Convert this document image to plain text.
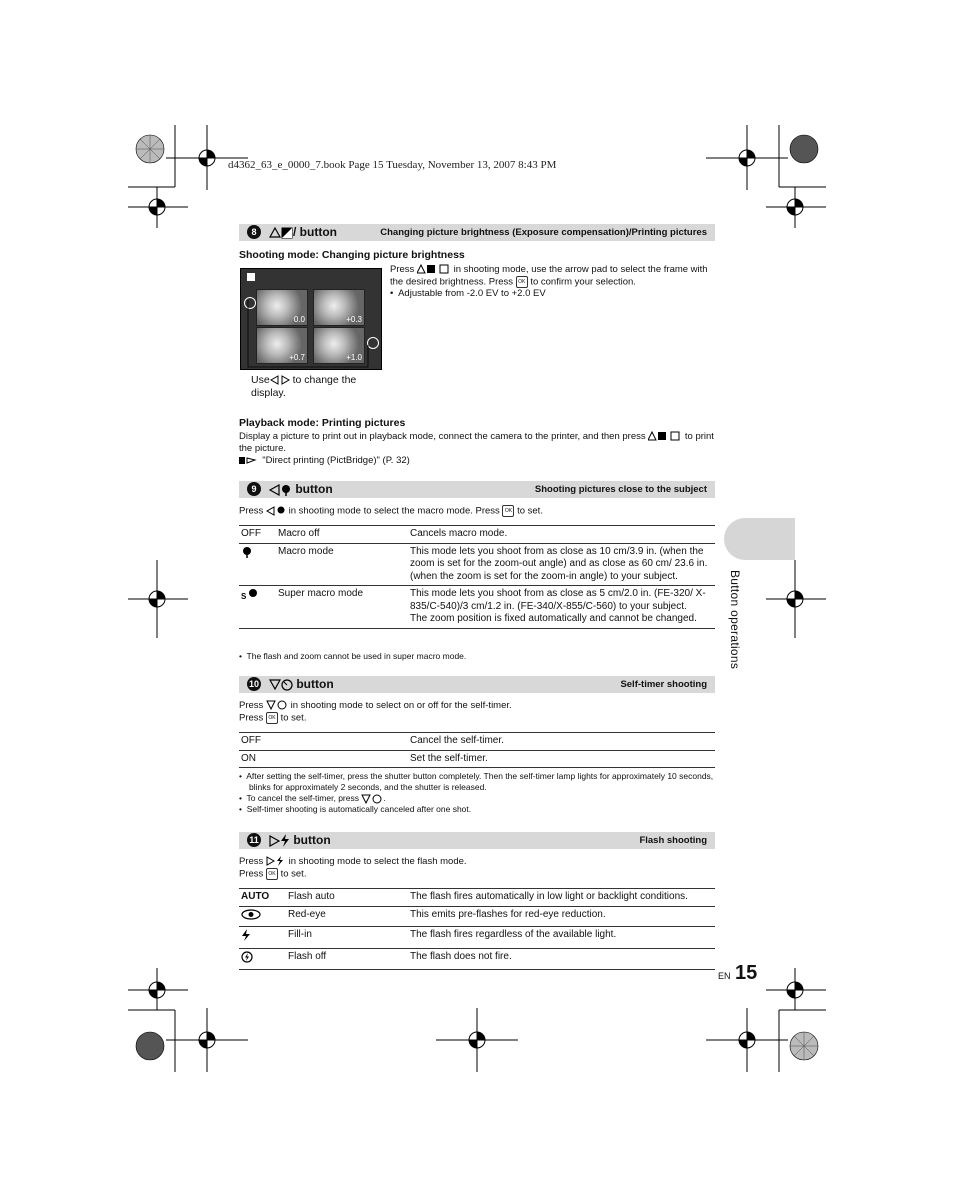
d4362_63_e_0000_7.book Page 15 Tuesday, November 13, 2007 8:43 PM
8	/ button	Changing picture brightness (Exposure compensation)/Printing pictures
Shooting mode: Changing picture brightness
0.0	+0.3
+0.7	+1.0
Use to change the display.
Press	in shooting mode, use the arrow pad to select the frame with the desired brightness. Press OK to confirm your selection.
•  Adjustable from -2.0 EV to +2.0 EV
Playback mode: Printing pictures
Display a picture to print out in playback mode, connect the camera to the printer, and then press	to print the picture.
"Direct printing (PictBridge)" (P. 32)
9	button	Shooting pictures close to the subject
Press	in shooting mode to select the macro mode. Press OK to set.
OFF	Macro off	Cancels macro mode.
	Macro mode	This mode lets you shoot from as close as 10 cm/3.9 in. (when the zoom is set for the zoom-out angle) and as close as 60 cm/ 23.6 in. (when the zoom is set for the zoom-in angle) to your subject.

S	Super macro mode	This mode lets you shoot from as close as 5 cm/2.0 in. (FE-320/ X-835/C-540)/3 cm/1.2 in. (FE-340/X-855/C-560) to your subject.
The zoom position is fixed automatically and cannot be changed.
•  The flash and zoom cannot be used in super macro mode.
10	button	Self-timer shooting
Press	in shooting mode to select on or off for the self-timer.
Press OK to set.
OFF	Cancel the self-timer.
ON	Set the self-timer.
•  After setting the self-timer, press the shutter button completely. Then the self-timer lamp lights for approximately 10 seconds, blinks for approximately 2 seconds, and the shutter is released.
•  To cancel the self-timer, press	.
•  Self-timer shooting is automatically canceled after one shot.
11	button	Flash shooting
Press	in shooting mode to select the flash mode.
Press OK to set.
AUTO	Flash auto	The flash fires automatically in low light or backlight conditions.
	Red-eye	This emits pre-flashes for red-eye reduction.
	Fill-in	The flash fires regardless of the available light.
	Flash off	The flash does not fire.
Button operations
EN 15
